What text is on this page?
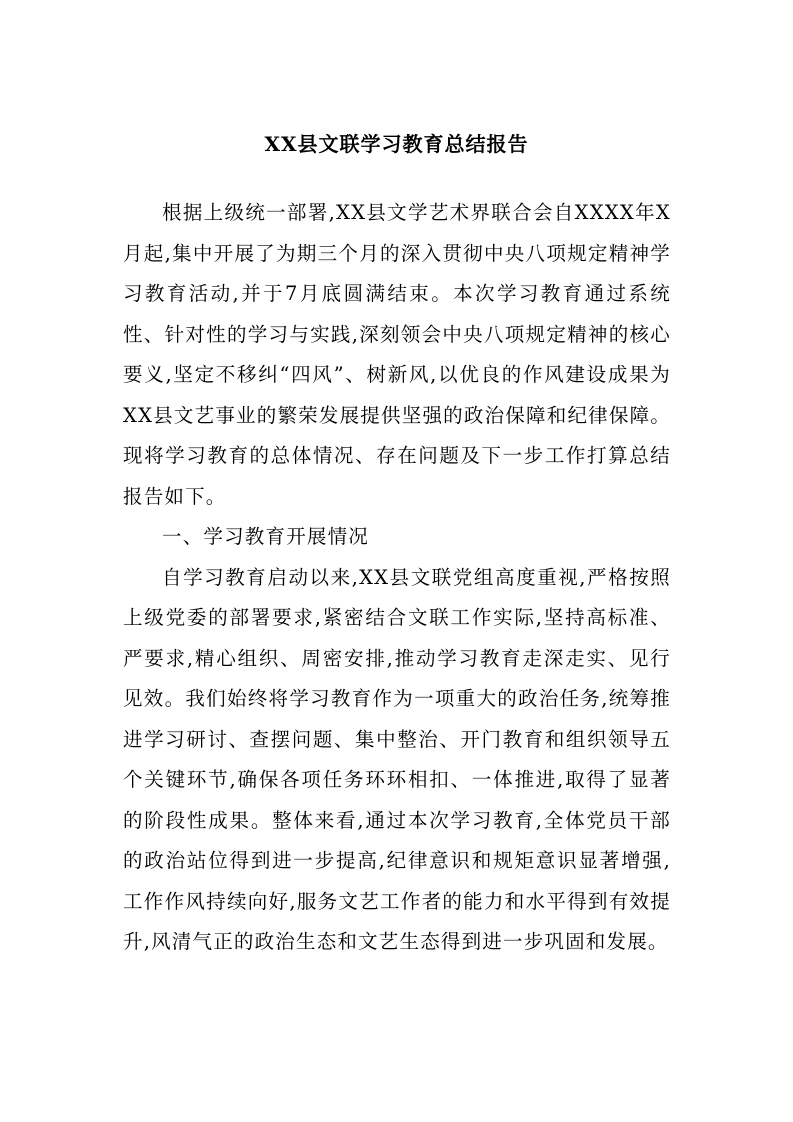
XX县文联学习教育总结报告

根据上级统一部署,XX县文学艺术界联合会自XXXX年X月起,集中开展了为期三个月的深入贯彻中央八项规定精神学习教育活动,并于7月底圆满结束。本次学习教育通过系统性、针对性的学习与实践,深刻领会中央八项规定精神的核心要义,坚定不移纠“四风”、树新风,以优良的作风建设成果为XX县文艺事业的繁荣发展提供坚强的政治保障和纪律保障。现将学习教育的总体情况、存在问题及下一步工作打算总结报告如下。

一、学习教育开展情况

自学习教育启动以来,XX县文联党组高度重视,严格按照上级党委的部署要求,紧密结合文联工作实际,坚持高标准、严要求,精心组织、周密安排,推动学习教育走深走实、见行见效。我们始终将学习教育作为一项重大的政治任务,统筹推进学习研讨、查摆问题、集中整治、开门教育和组织领导五个关键环节,确保各项任务环环相扣、一体推进,取得了显著的阶段性成果。整体来看,通过本次学习教育,全体党员干部的政治站位得到进一步提高,纪律意识和规矩意识显著增强,工作作风持续向好,服务文艺工作者的能力和水平得到有效提升,风清气正的政治生态和文艺生态得到进一步巩固和发展。
